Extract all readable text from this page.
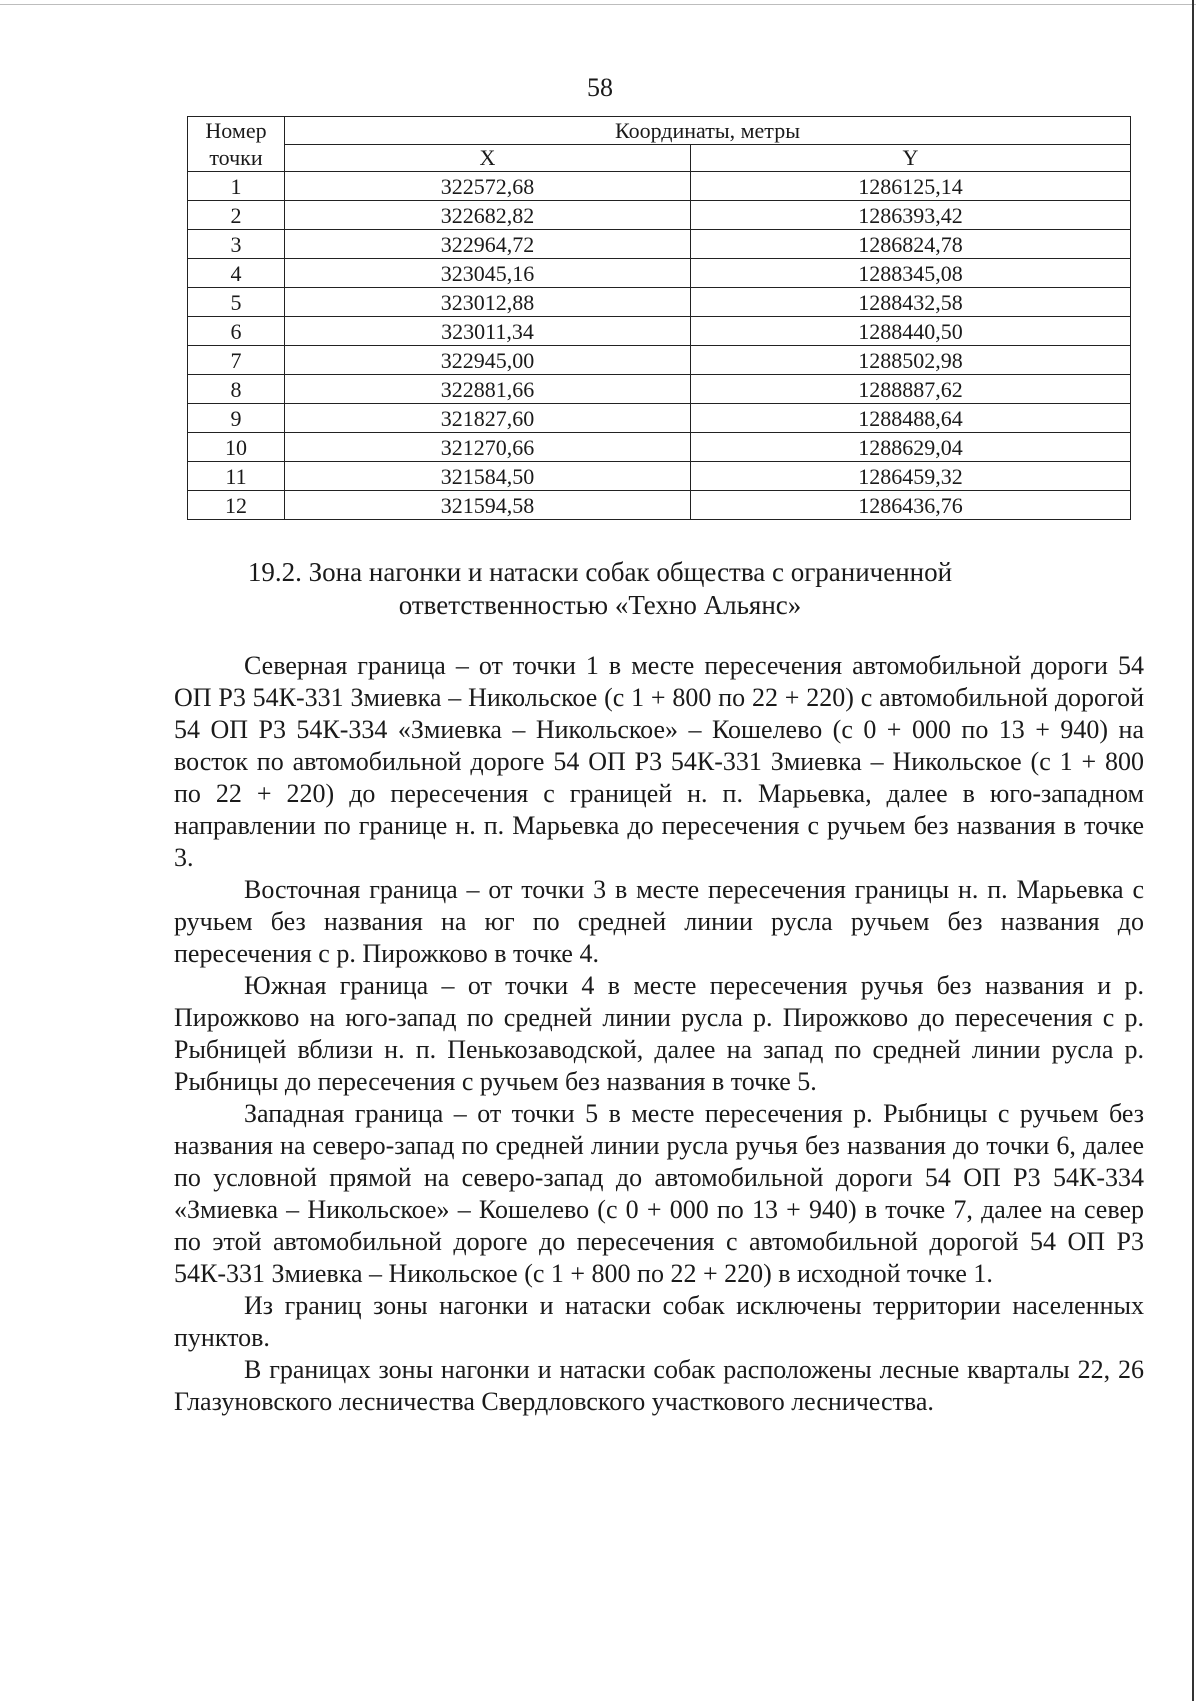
58
Номер
точки	Координаты, метры	
	X	Y
1	322572,68	1286125,14
2	322682,82	1286393,42
3	322964,72	1286824,78
4	323045,16	1288345,08
5	323012,88	1288432,58
6	323011,34	1288440,50
7	322945,00	1288502,98
8	322881,66	1288887,62
9	321827,60	1288488,64
10	321270,66	1288629,04
11	321584,50	1286459,32
12	321594,58	1286436,76
19.2. Зона нагонки и натаски собак общества с ограниченной
ответственностью «Техно Альянс»

Северная граница – от точки 1 в месте пересечения автомобильной дороги 54 ОП Р3 54К-331 Змиевка – Никольское (с 1 + 800 по 22 + 220) с автомобильной дорогой 54 ОП Р3 54К-334 «Змиевка – Никольское» – Кошелево (с 0 + 000 по 13 + 940) на восток по автомобильной дороге 54 ОП Р3 54К-331 Змиевка – Никольское (с 1 + 800 по 22 + 220) до пересечения с границей н. п. Марьевка, далее в юго-западном направлении по границе н. п. Марьевка до пересечения с ручьем без названия в точке 3.

Восточная граница – от точки 3 в месте пересечения границы н. п. Марьевка с ручьем без названия на юг по средней линии русла ручьем без названия до пересечения с р. Пирожково в точке 4.

Южная граница – от точки 4 в месте пересечения ручья без названия и р. Пирожково на юго-запад по средней линии русла р. Пирожково до пересечения с р. Рыбницей вблизи н. п. Пенькозаводской, далее на запад по средней линии русла р. Рыбницы до пересечения с ручьем без названия в точке 5.

Западная граница – от точки 5 в месте пересечения р. Рыбницы с ручьем без названия на северо-запад по средней линии русла ручья без названия до точки 6, далее по условной прямой на северо-запад до автомобильной дороги 54 ОП Р3 54К-334 «Змиевка – Никольское» – Кошелево (с 0 + 000 по 13 + 940) в точке 7, далее на север по этой автомобильной дороге до пересечения с автомобильной дорогой 54 ОП Р3 54К-331 Змиевка – Никольское (с 1 + 800 по 22 + 220) в исходной точке 1.

Из границ зоны нагонки и натаски собак исключены территории населенных пунктов.

В границах зоны нагонки и натаски собак расположены лесные кварталы 22, 26 Глазуновского лесничества Свердловского участкового лесничества.
